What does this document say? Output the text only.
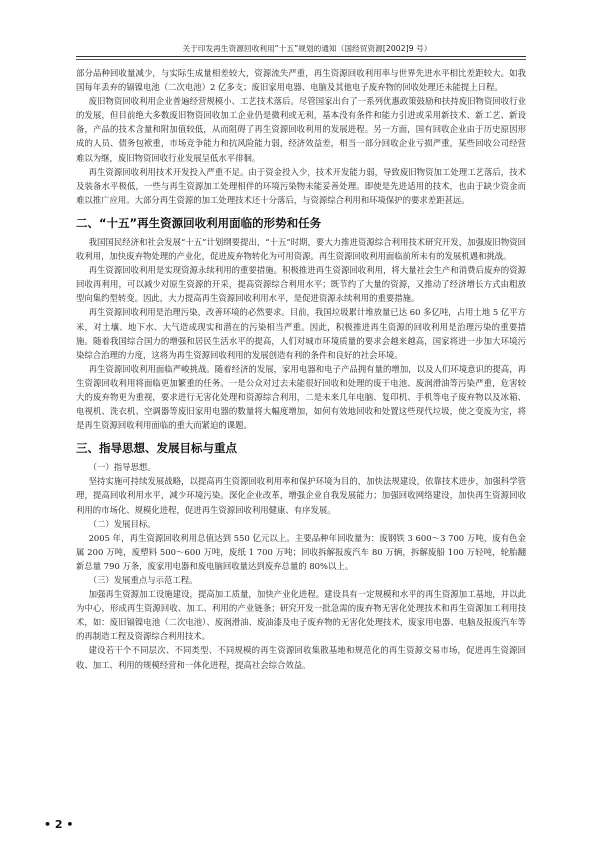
关于印发再生资源回收利用“十五”规划的通知（国经贸资源[2002]9 号）

部分品种回收量减少，与实际生成量相差较大，资源流失严重，再生资源回收利用率与世界先进水平相比差距较大。如我国每年丢弃的镉镍电池（二次电池）2 亿多支；废旧家用电器、电脑及其他电子废弃物的回收处理还未能提上日程。

废旧物资回收利用企业普遍经营规模小、工艺技术落后。尽管国家出台了一系列优惠政策鼓励和扶持废旧物资回收行业的发展，但目前绝大多数废旧物资回收加工企业仍是微利或无利，基本没有条件和能力引进或采用新技术、新工艺、新设备，产品的技术含量和附加值较低，从而阻碍了再生资源回收利用的发展进程。另一方面，国有回收企业由于历史原因形成的人员、债务包袱重，市场竞争能力和抗风险能力弱，经济效益差，相当一部分回收企业亏损严重，某些回收公司经营难以为继，废旧物资回收行业发展呈低水平徘徊。

再生资源回收利用技术开发投入严重不足。由于资金投入少，技术开发能力弱，导致废旧物资加工处理工艺落后，技术及装备水平极低，一些与再生资源加工处理相伴的环境污染物未能妥善处理。即使是先进适用的技术，也由于缺少资金而难以推广应用。大部分再生资源的加工处理技术还十分落后，与资源综合利用和环境保护的要求差距甚远。

二、“十五”再生资源回收利用面临的形势和任务

我国国民经济和社会发展“十五”计划纲要提出，“十五”时期，要大力推进资源综合利用技术研究开发，加强废旧物资回收利用，加快废弃物处理的产业化，促进废弃物转化为可用资源。再生资源回收利用面临前所未有的发展机遇和挑战。

再生资源回收利用是实现资源永续利用的重要措施。积极推进再生资源回收利用，将大量社会生产和消费后废弃的资源回收再利用，可以减少对原生资源的开采，提高资源综合利用水平；既节约了大量的资源，又推动了经济增长方式由粗放型向集约型转变。因此，大力提高再生资源回收利用水平，是促进资源永续利用的重要措施。

再生资源回收利用是治理污染，改善环境的必然要求。目前，我国垃圾累计堆放量已达 60 多亿吨，占用土地 5 亿平方米，对土壤、地下水、大气造成现实和潜在的污染相当严重。因此，积极推进再生资源的回收利用是治理污染的重要措施。随着我国综合国力的增强和居民生活水平的提高，人们对城市环境质量的要求会越来越高，国家将进一步加大环境污染综合治理的力度，这将为再生资源回收利用的发展创造有利的条件和良好的社会环境。

再生资源回收利用面临严峻挑战。随着经济的发展，家用电器和电子产品拥有量的增加，以及人们环境意识的提高，再生资源回收利用将面临更加繁重的任务。一是公众对过去未能很好回收和处理的废干电池、废润滑油等污染严重，危害较大的废弃物更为重视，要求进行无害化处理和资源综合利用，二是未来几年电脑、复印机、手机等电子废弃物以及冰箱、电视机、洗衣机、空调器等废旧家用电器的数量将大幅度增加，如何有效地回收和处置这些现代垃圾，使之变废为宝，将是再生资源回收利用面临的重大而紧迫的课题。

三、指导思想、发展目标与重点

（一）指导思想。

坚持实施可持续发展战略，以提高再生资源回收利用率和保护环境为目的，加快法规建设，依靠技术进步，加强科学管理，提高回收利用水平，减少环境污染。深化企业改革，增强企业自我发展能力；加强回收网络建设，加快再生资源回收利用的市场化、规模化进程，促进再生资源回收利用健康、有序发展。

（二）发展目标。

2005 年，再生资源回收利用总值达到 550 亿元以上。主要品种年回收量为：废钢铁 3 600～3 700 万吨，废有色金属 200 万吨，废塑料 500～600 万吨，废纸 1 700 万吨；回收拆解报废汽车 80 万辆，拆解废船 100 万轻吨，轮胎翻新总量 790 万条，废家用电器和废电脑回收量达到废弃总量的 80%以上。

（三）发展重点与示范工程。

加强再生资源加工设施建设，提高加工质量，加快产业化进程。建设具有一定规模和水平的再生资源加工基地，并以此为中心，形成再生资源回收、加工、利用的产业链条；研究开发一批急需的废弃物无害化处理技术和再生资源加工利用技术，如：废旧镉镍电池（二次电池）、废润滑油、废油漆及电子废弃物的无害化处理技术，废家用电器、电脑及报废汽车等的再制造工程及资源综合利用技术。

建设若干个不同层次、不同类型、不同规模的再生资源回收集散基地和规范化的再生资源交易市场，促进再生资源回收、加工、利用的规模经营和一体化进程，提高社会综合效益。

• 2 •
